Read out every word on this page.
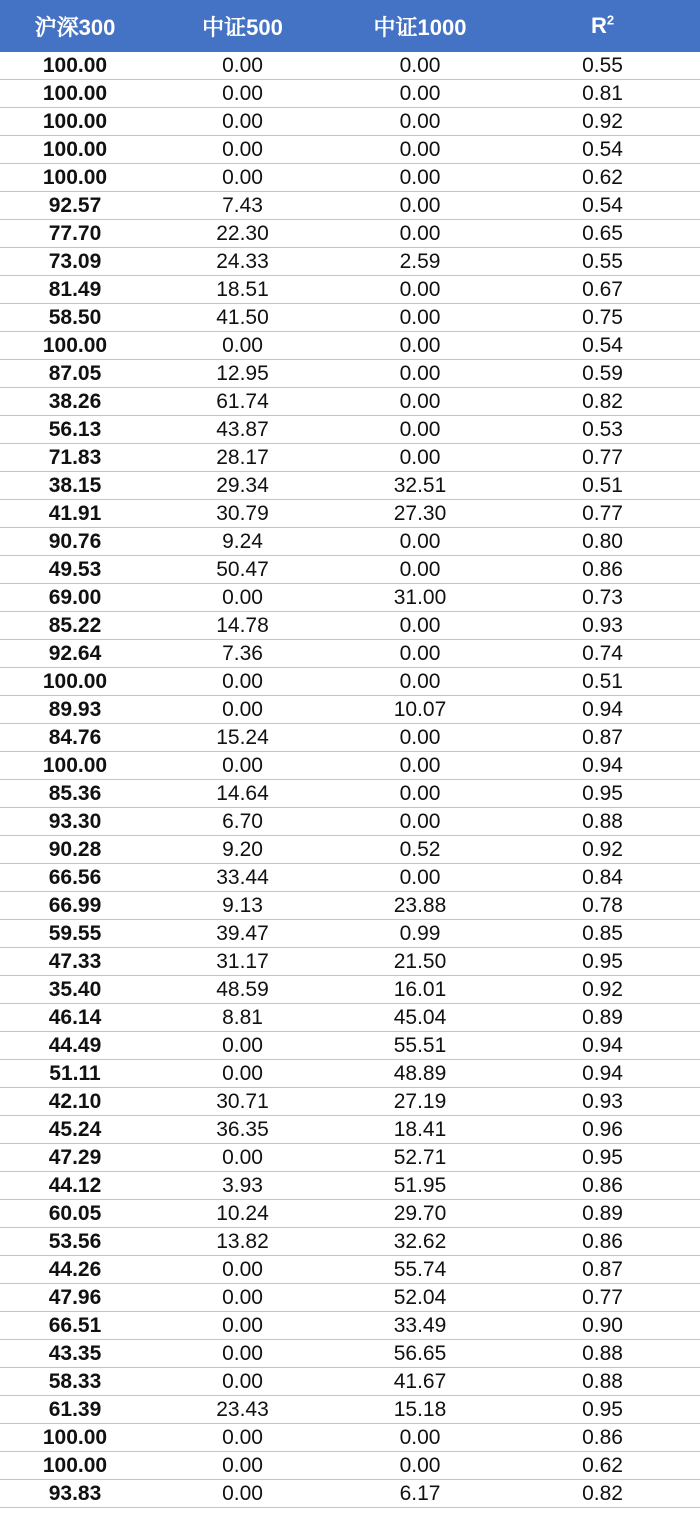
沪深300	中证500	中证1000	$R^2$
100.00	0.00	0.00	0.55
100.00	0.00	0.00	0.81
100.00	0.00	0.00	0.92
100.00	0.00	0.00	0.54
100.00	0.00	0.00	0.62
92.57	7.43	0.00	0.54
77.70	22.30	0.00	0.65
73.09	24.33	2.59	0.55
81.49	18.51	0.00	0.67
58.50	41.50	0.00	0.75
100.00	0.00	0.00	0.54
87.05	12.95	0.00	0.59
38.26	61.74	0.00	0.82
56.13	43.87	0.00	0.53
71.83	28.17	0.00	0.77
38.15	29.34	32.51	0.51
41.91	30.79	27.30	0.77
90.76	9.24	0.00	0.80
49.53	50.47	0.00	0.86
69.00	0.00	31.00	0.73
85.22	14.78	0.00	0.93
92.64	7.36	0.00	0.74
100.00	0.00	0.00	0.51
89.93	0.00	10.07	0.94
84.76	15.24	0.00	0.87
100.00	0.00	0.00	0.94
85.36	14.64	0.00	0.95
93.30	6.70	0.00	0.88
90.28	9.20	0.52	0.92
66.56	33.44	0.00	0.84
66.99	9.13	23.88	0.78
59.55	39.47	0.99	0.85
47.33	31.17	21.50	0.95
35.40	48.59	16.01	0.92
46.14	8.81	45.04	0.89
44.49	0.00	55.51	0.94
51.11	0.00	48.89	0.94
42.10	30.71	27.19	0.93
45.24	36.35	18.41	0.96
47.29	0.00	52.71	0.95
44.12	3.93	51.95	0.86
60.05	10.24	29.70	0.89
53.56	13.82	32.62	0.86
44.26	0.00	55.74	0.87
47.96	0.00	52.04	0.77
66.51	0.00	33.49	0.90
43.35	0.00	56.65	0.88
58.33	0.00	41.67	0.88
61.39	23.43	15.18	0.95
100.00	0.00	0.00	0.86
100.00	0.00	0.00	0.62
93.83	0.00	6.17	0.82
